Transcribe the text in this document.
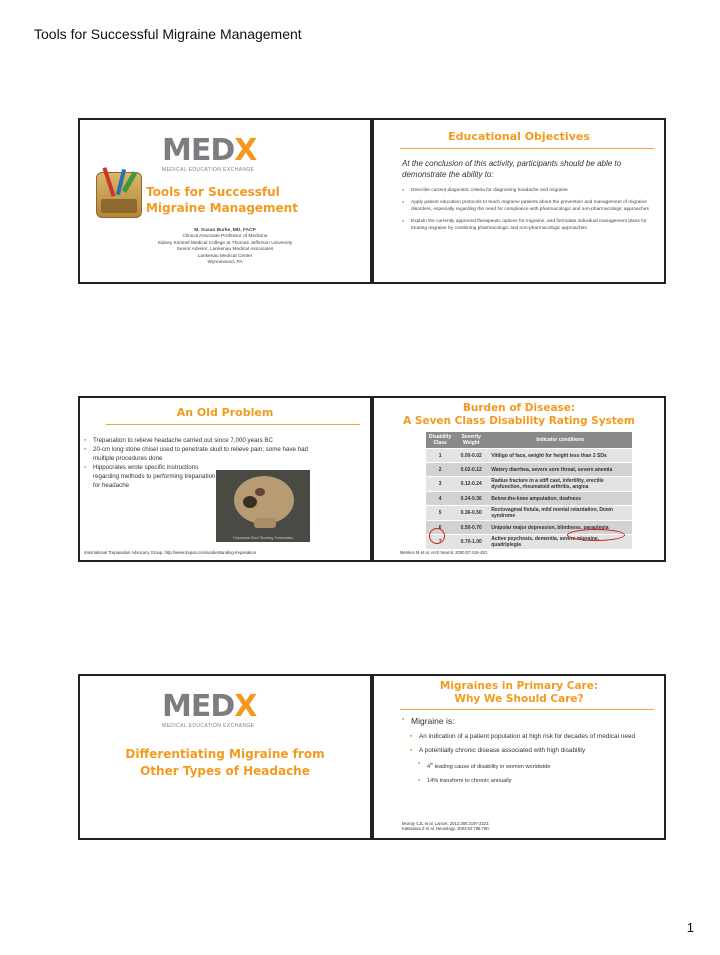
Tools for Successful Migraine Management
MEDX
MEDICAL EDUCATION EXCHANGE
Tools for Successful
Migraine Management
M. Susan Burke, MD, FACP
Clinical Associate Professor of Medicine
Sidney Kimmel Medical College at Thomas Jefferson University
Senior Advisor, Lankenau Medical Associates
Lankenau Medical Center
Wynnewood, PA
Educational Objectives
At the conclusion of this activity, participants should be able to demonstrate the ability to:
▪ Describe current diagnostic criteria for diagnosing headache and migraine
▪ Apply patient education protocols to teach migraine patients about the prevention and management of migraine disorders, especially regarding the need for compliance with pharmacologic and non-pharmacologic approaches
▪ Explain the currently approved therapeutic options for migraine, and formulate individual management plans for treating migraine by combining pharmacologic and non-pharmacologic approaches
An Old Problem
▪ Trepanation to relieve headache carried out since 7,000 years BC
▪ 20-cm long stone chisel used to penetrate skull to relieve pain; some have had multiple procedures done
▪ Hippocrates wrote specific instructions regarding methods to performing trepanation for headache
Trepanned Skull Showing Trepanation
International Trepanation Advocacy Group. http://www.trepan.com/understanding-trepanation
Burden of Disease:
A Seven Class Disability Rating System
Disability Class	Severity Weight	Indicator conditions
1	0.00-0.02	Vitiligo of face, weight for height less than 2 SDs
2	0.02-0.12	Watery diarrhea, severe sore throat, severe anemia
3	0.12-0.24	Radius fracture in a stiff cast, infertility, erectile dysfunction, rheumatoid arthritis, angina
4	0.24-0.36	Below-the-knee amputation, deafness
5	0.36-0.50	Rectovaginal fistula, mild mental retardation, Down syndrome
6	0.50-0.70	Unipolar major depression, blindness, paraplegia
7	0.70-1.00	Active psychosis, dementia, severe migraine, quadriplegia
Menken M et al. Arch Neurol. 2000;57:418-420.
MEDX
MEDICAL EDUCATION EXCHANGE
Differentiating Migraine from
Other Types of Headache
Migraines in Primary Care:
Why We Should Care?
▪ Migraine is:
▪ An indication of a patient population at high risk for decades of medical need
▪ A potentially chronic disease associated with high disability
▪ 4th leading cause of disability in women worldwide
▪ 14% transform to chronic annually
Murray CJL et al. Lancet. 2012;380:2197-2223.
Katsarava Z et al. Neurology. 2004;62:788-790.
1
